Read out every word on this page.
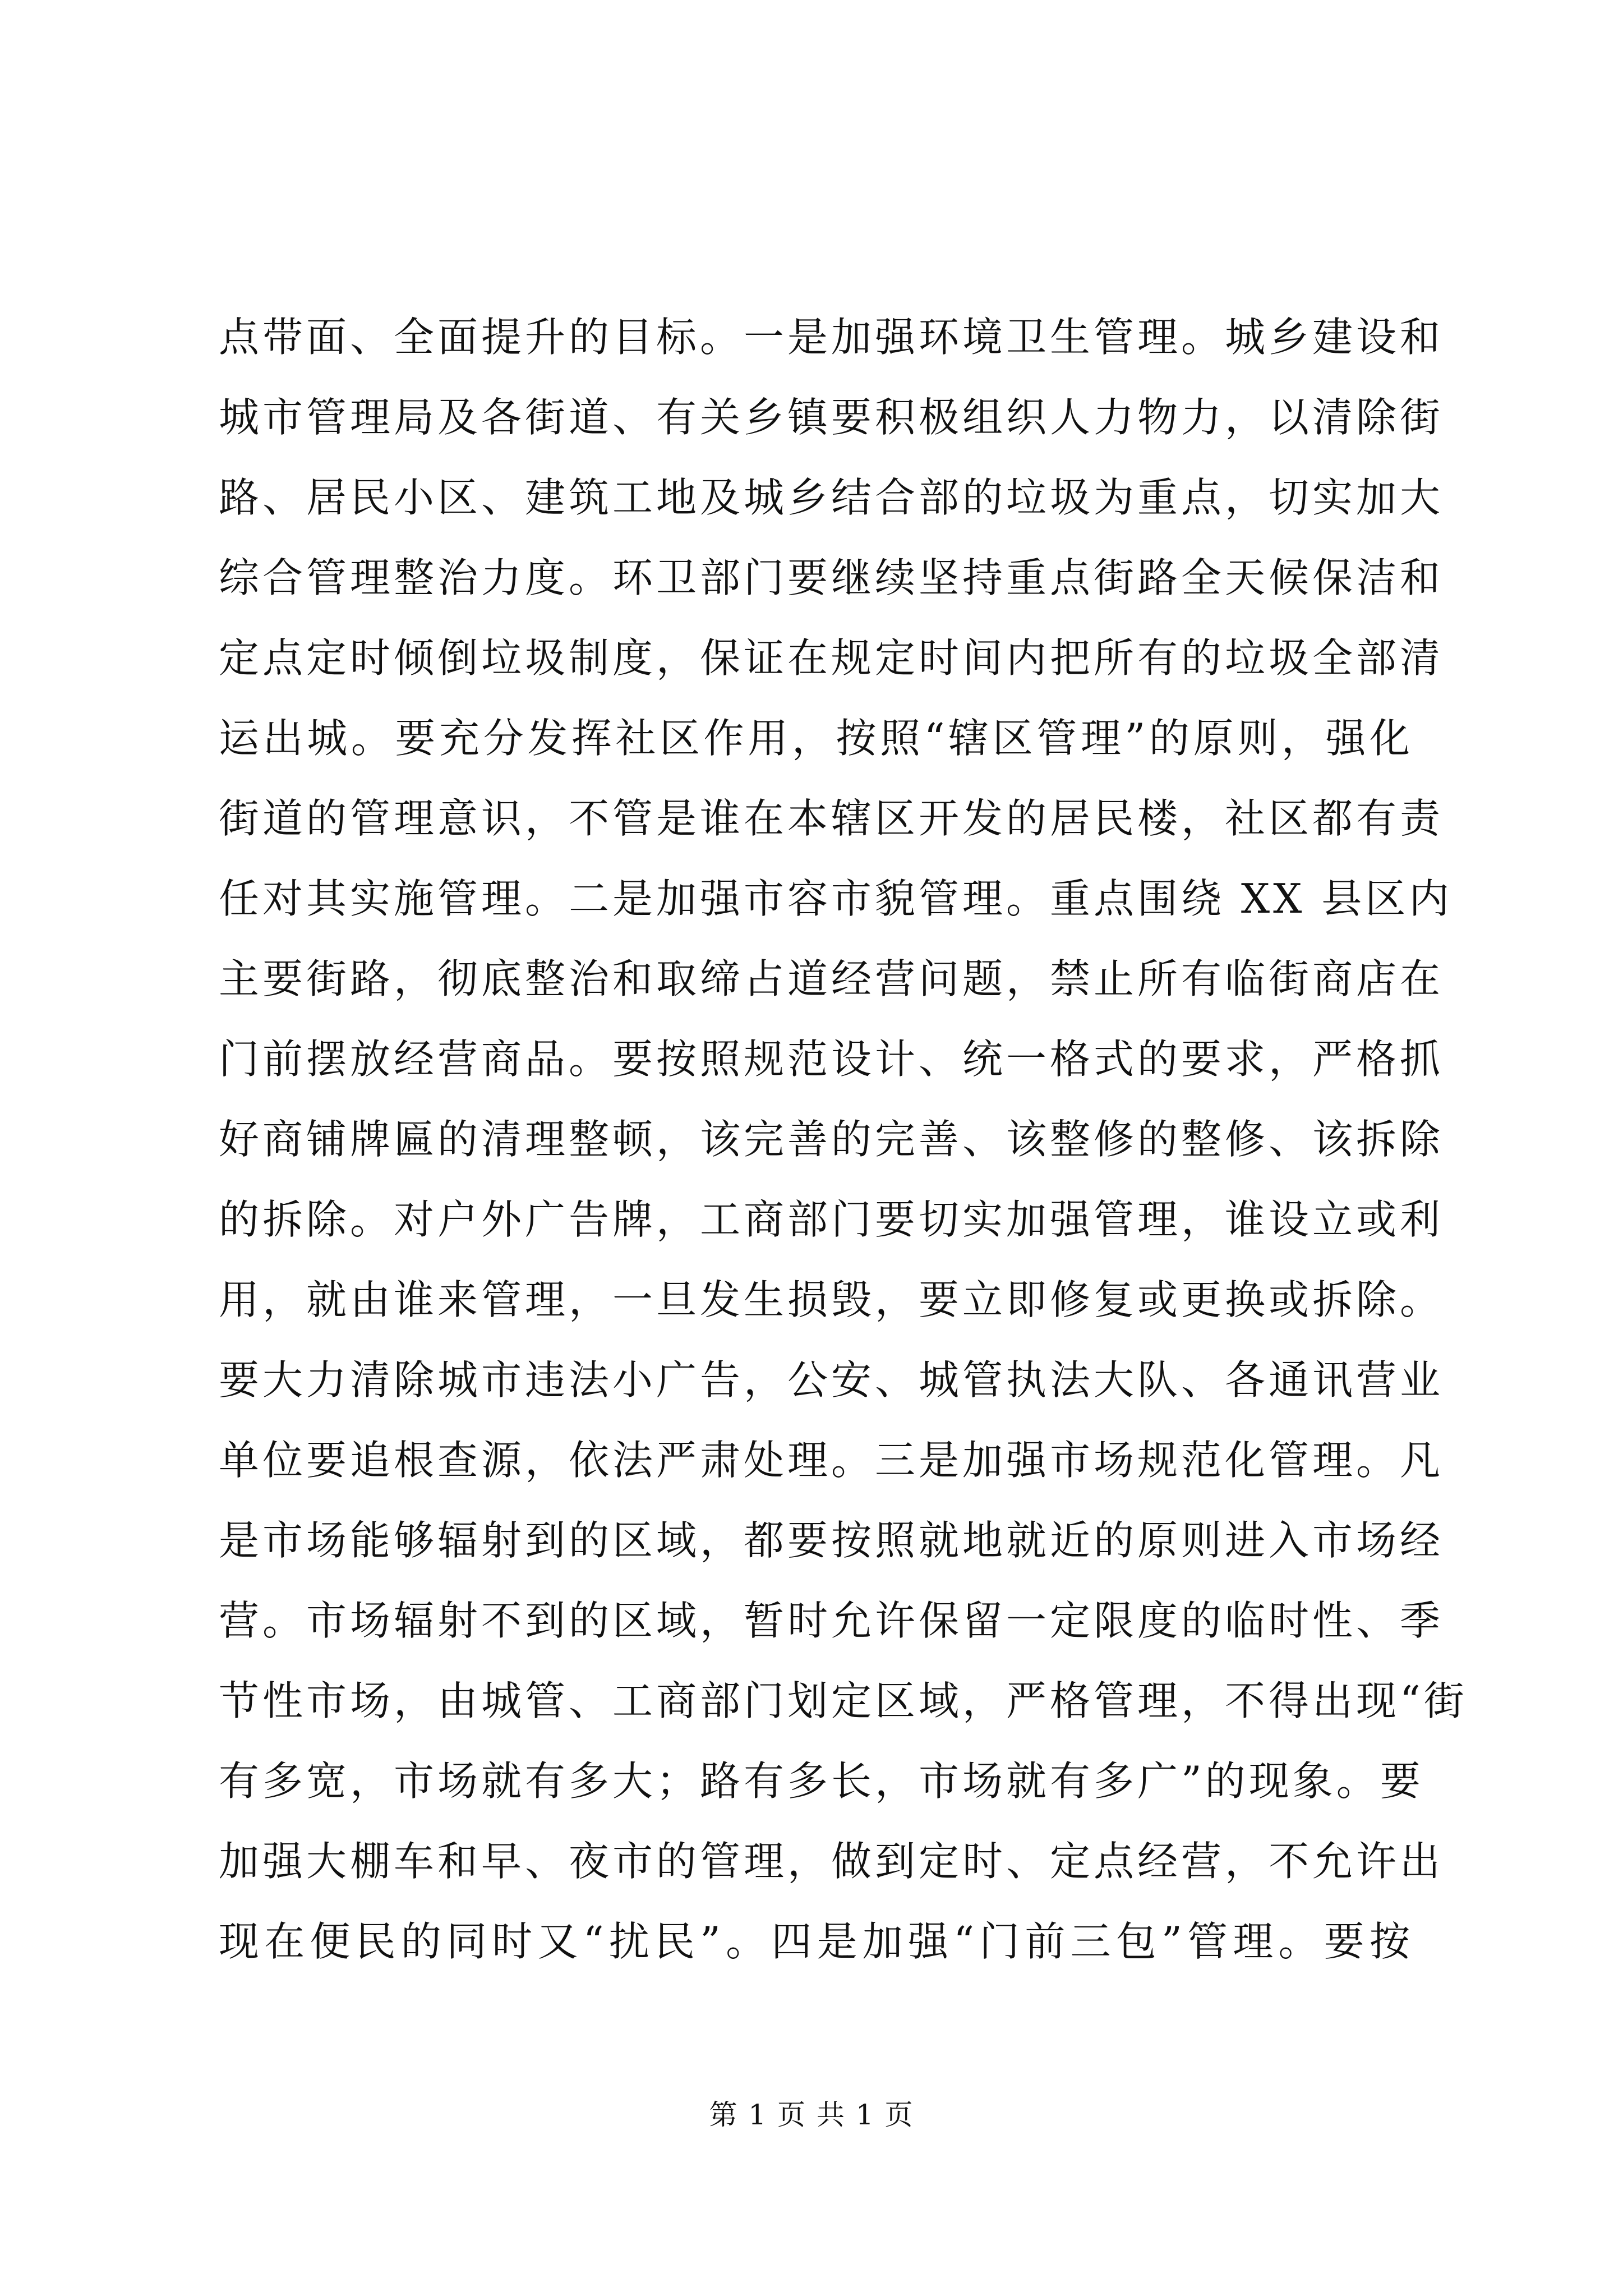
点带面、全面提升的目标。一是加强环境卫生管理。城乡建设和
城市管理局及各街道、有关乡镇要积极组织人力物力，以清除街
路、居民小区、建筑工地及城乡结合部的垃圾为重点，切实加大
综合管理整治力度。环卫部门要继续坚持重点街路全天候保洁和
定点定时倾倒垃圾制度，保证在规定时间内把所有的垃圾全部清
运出城。要充分发挥社区作用，按照“辖区管理”的原则，强化
街道的管理意识，不管是谁在本辖区开发的居民楼，社区都有责
任对其实施管理。二是加强市容市貌管理。重点围绕 XX 县区内
主要街路，彻底整治和取缔占道经营问题，禁止所有临街商店在
门前摆放经营商品。要按照规范设计、统一格式的要求，严格抓
好商铺牌匾的清理整顿，该完善的完善、该整修的整修、该拆除
的拆除。对户外广告牌，工商部门要切实加强管理，谁设立或利
用，就由谁来管理，一旦发生损毁，要立即修复或更换或拆除。
要大力清除城市违法小广告，公安、城管执法大队、各通讯营业
单位要追根查源，依法严肃处理。三是加强市场规范化管理。凡
是市场能够辐射到的区域，都要按照就地就近的原则进入市场经
营。市场辐射不到的区域，暂时允许保留一定限度的临时性、季
节性市场，由城管、工商部门划定区域，严格管理，不得出现“街
有多宽，市场就有多大；路有多长，市场就有多广”的现象。要
加强大棚车和早、夜市的管理，做到定时、定点经营，不允许出
现在便民的同时又“扰民”。四是加强“门前三包”管理。要按
第 1 页 共 1 页
